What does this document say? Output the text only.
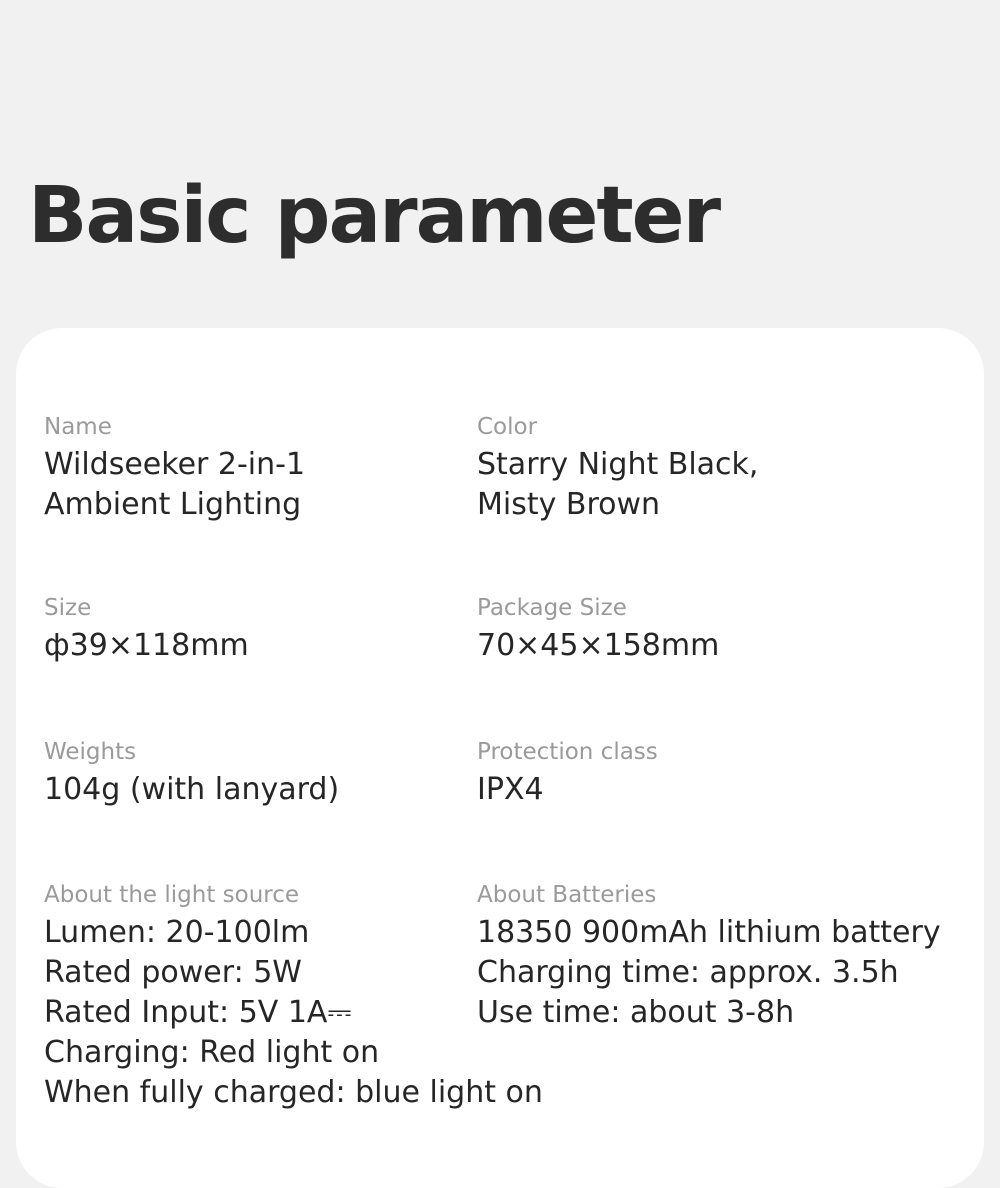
Basic parameter
Name
Wildseeker 2-in-1
Ambient Lighting
Color
Starry Night Black,
Misty Brown
Size
ф39×118mm
Package Size
70×45×158mm
Weights
104g (with lanyard)
Protection class
IPX4
About the light source
Lumen: 20-100lm
Rated power: 5W
Rated Input: 5V 1A⎓
Charging: Red light on
When fully charged: blue light on
About Batteries
18350 900mAh lithium battery
Charging time: approx. 3.5h
Use time: about 3-8h
